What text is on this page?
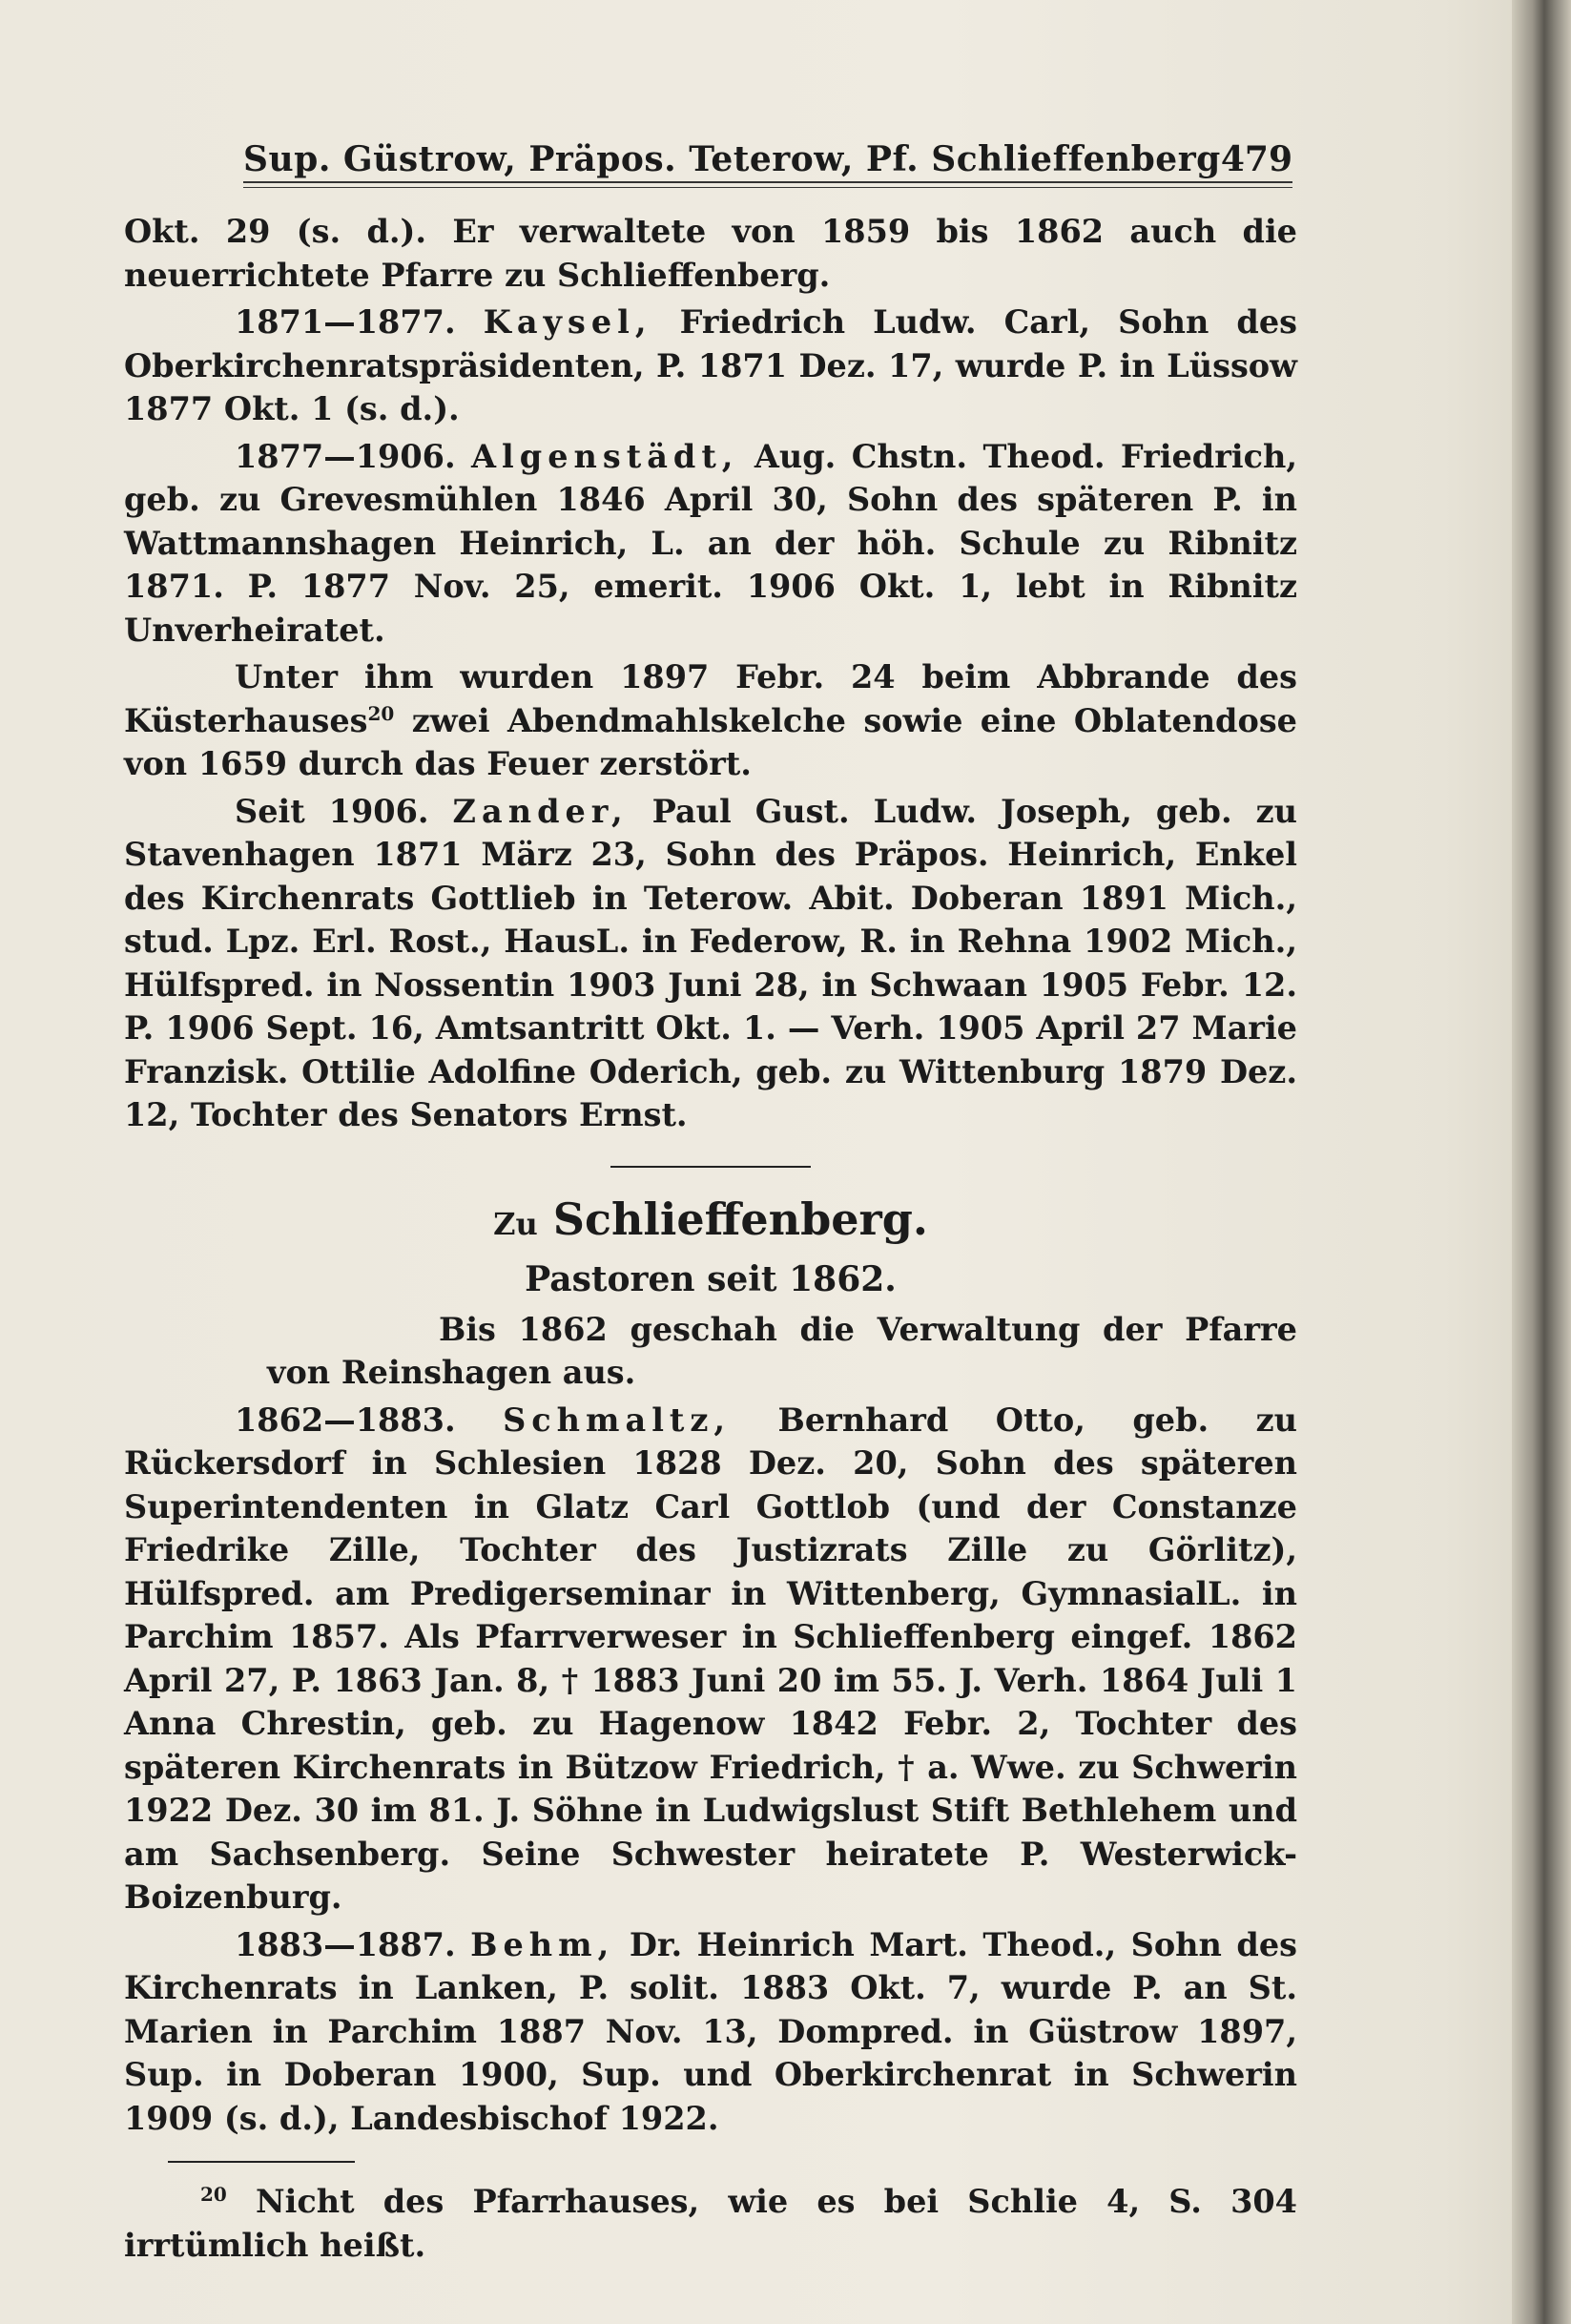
Sup. Güstrow, Präpos. Teterow, Pf. Schlieffenberg 479

Okt. 29 (s. d.). Er verwaltete von 1859 bis 1862 auch die neuerrichtete Pfarre zu Schlieffenberg.

1871—1877. Kaysel, Friedrich Ludw. Carl, Sohn des Oberkirchenratspräsidenten, P. 1871 Dez. 17, wurde P. in Lüssow 1877 Okt. 1 (s. d.).

1877—1906. Algenstädt, Aug. Chstn. Theod. Friedrich, geb. zu Grevesmühlen 1846 April 30, Sohn des späteren P. in Wattmannshagen Heinrich, L. an der höh. Schule zu Ribnitz 1871. P. 1877 Nov. 25, emerit. 1906 Okt. 1, lebt in Ribnitz Unverheiratet.

Unter ihm wurden 1897 Febr. 24 beim Abbrande des Küsterhauses$^{20}$ zwei Abendmahlskelche sowie eine Oblatendose von 1659 durch das Feuer zerstört.

Seit 1906. Zander, Paul Gust. Ludw. Joseph, geb. zu Stavenhagen 1871 März 23, Sohn des Präpos. Heinrich, Enkel des Kirchenrats Gottlieb in Teterow. Abit. Doberan 1891 Mich., stud. Lpz. Erl. Rost., HausL. in Federow, R. in Rehna 1902 Mich., Hülfspred. in Nossentin 1903 Juni 28, in Schwaan 1905 Febr. 12. P. 1906 Sept. 16, Amtsantritt Okt. 1. — Verh. 1905 April 27 Marie Franzisk. Ottilie Adolfine Oderich, geb. zu Wittenburg 1879 Dez. 12, Tochter des Senators Ernst.

Zu Schlieffenberg.
Pastoren seit 1862.

Bis 1862 geschah die Verwaltung der Pfarre von Reinshagen aus.

1862—1883. Schmaltz, Bernhard Otto, geb. zu Rückersdorf in Schlesien 1828 Dez. 20, Sohn des späteren Superintendenten in Glatz Carl Gottlob (und der Constanze Friedrike Zille, Tochter des Justizrats Zille zu Görlitz), Hülfspred. am Predigerseminar in Wittenberg, GymnasialL. in Parchim 1857. Als Pfarrverweser in Schlieffenberg eingef. 1862 April 27, P. 1863 Jan. 8, † 1883 Juni 20 im 55. J. Verh. 1864 Juli 1 Anna Chrestin, geb. zu Hagenow 1842 Febr. 2, Tochter des späteren Kirchenrats in Bützow Friedrich, † a. Wwe. zu Schwerin 1922 Dez. 30 im 81. J. Söhne in Ludwigslust Stift Bethlehem und am Sachsenberg. Seine Schwester heiratete P. Westerwick-Boizenburg.

1883—1887. Behm, Dr. Heinrich Mart. Theod., Sohn des Kirchenrats in Lanken, P. solit. 1883 Okt. 7, wurde P. an St. Marien in Parchim 1887 Nov. 13, Dompred. in Güstrow 1897, Sup. in Doberan 1900, Sup. und Oberkirchenrat in Schwerin 1909 (s. d.), Landesbischof 1922.

$^{20}$ Nicht des Pfarrhauses, wie es bei Schlie 4, S. 304 irrtümlich heißt.
